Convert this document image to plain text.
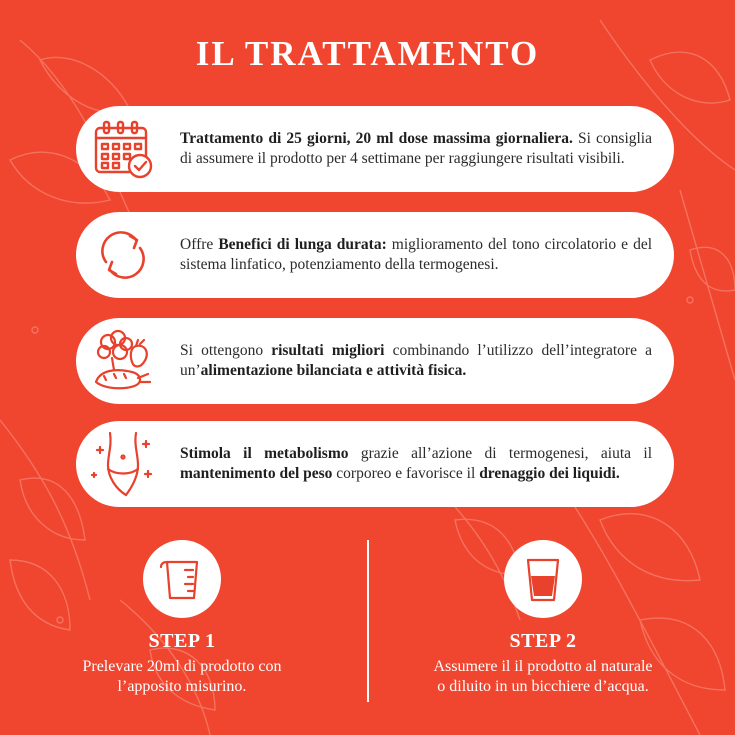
IL TRATTAMENTO
Trattamento di 25 giorni, 20 ml dose massima giornaliera. Si consiglia di assumere il prodotto per 4 settimane per raggiungere risultati visibili.
Offre Benefici di lunga durata: miglioramento del tono circolatorio e del sistema linfatico, potenziamento della termogenesi.
Si ottengono risultati migliori combinando l’utilizzo dell’integratore a un’alimentazione bilanciata e attività fisica.
Stimola il metabolismo grazie all’azione di termogenesi, aiuta il mantenimento del peso corporeo e favorisce il drenaggio dei liquidi.
STEP 1
Prelevare 20ml di prodotto con
l’apposito misurino.
STEP 2
Assumere il il prodotto al naturale
o diluito in un bicchiere d’acqua.
